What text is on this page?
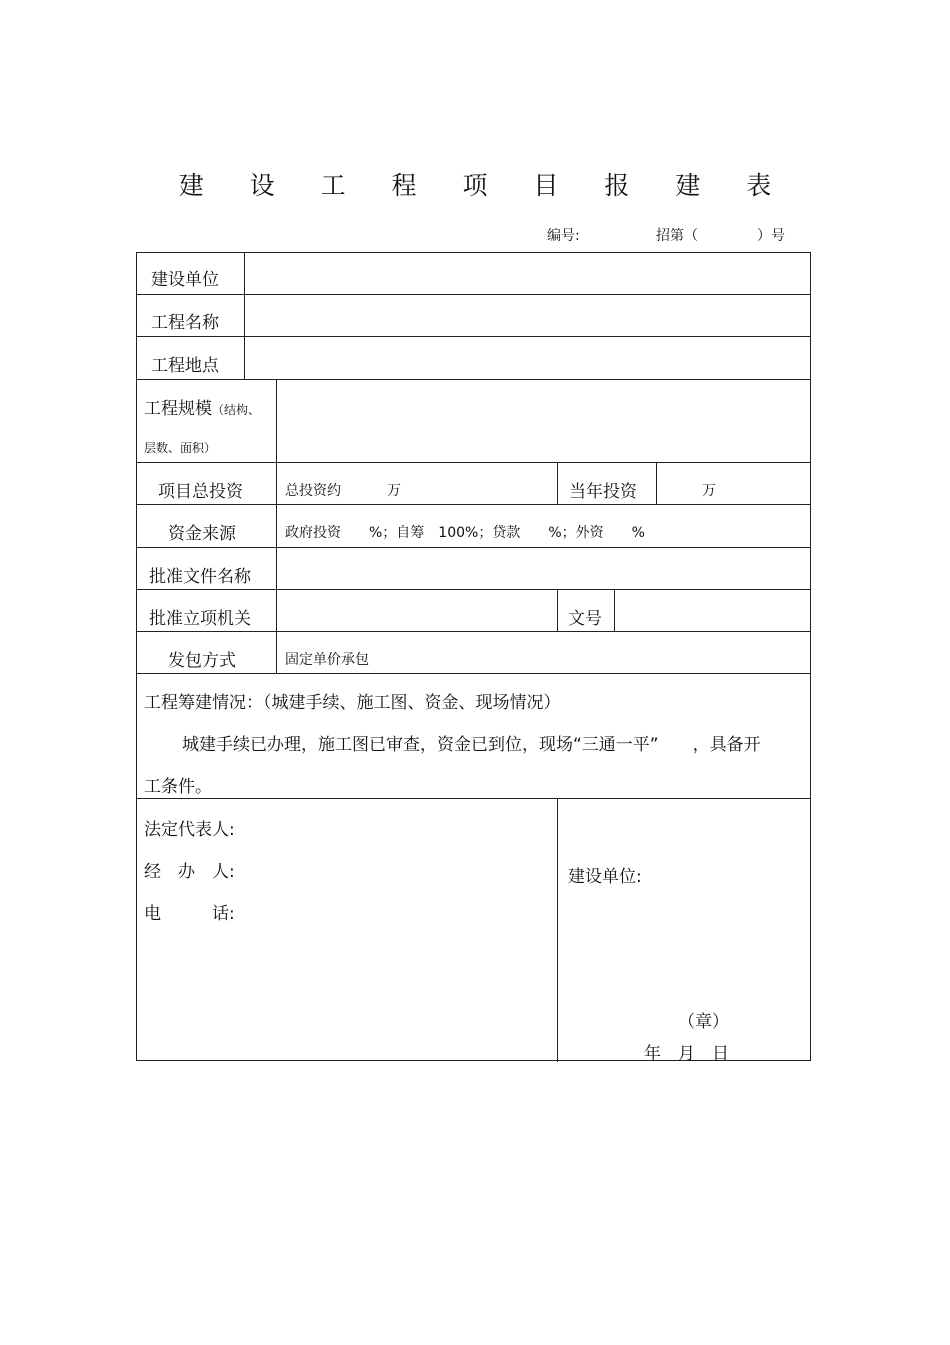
建 设 工 程 项 目 报 建 表
编号:	招第（	）号
建设单位
工程名称
工程地点
工程规模（结构、
层数、面积）
项目总投资	总投资约	万	当年投资	万
资金来源	政府投资　　%；自筹　100%；贷款　　%；外资　　%
批准文件名称
批准立项机关	文号
发包方式	固定单价承包
工程筹建情况：（城建手续、施工图、资金、现场情况）
城建手续已办理，施工图已审查，资金已到位，现场“三通一平”　　，具备开
工条件。
法定代表人:
经　办　人:
电　　　话:
建设单位:
（章）
年　月　日
